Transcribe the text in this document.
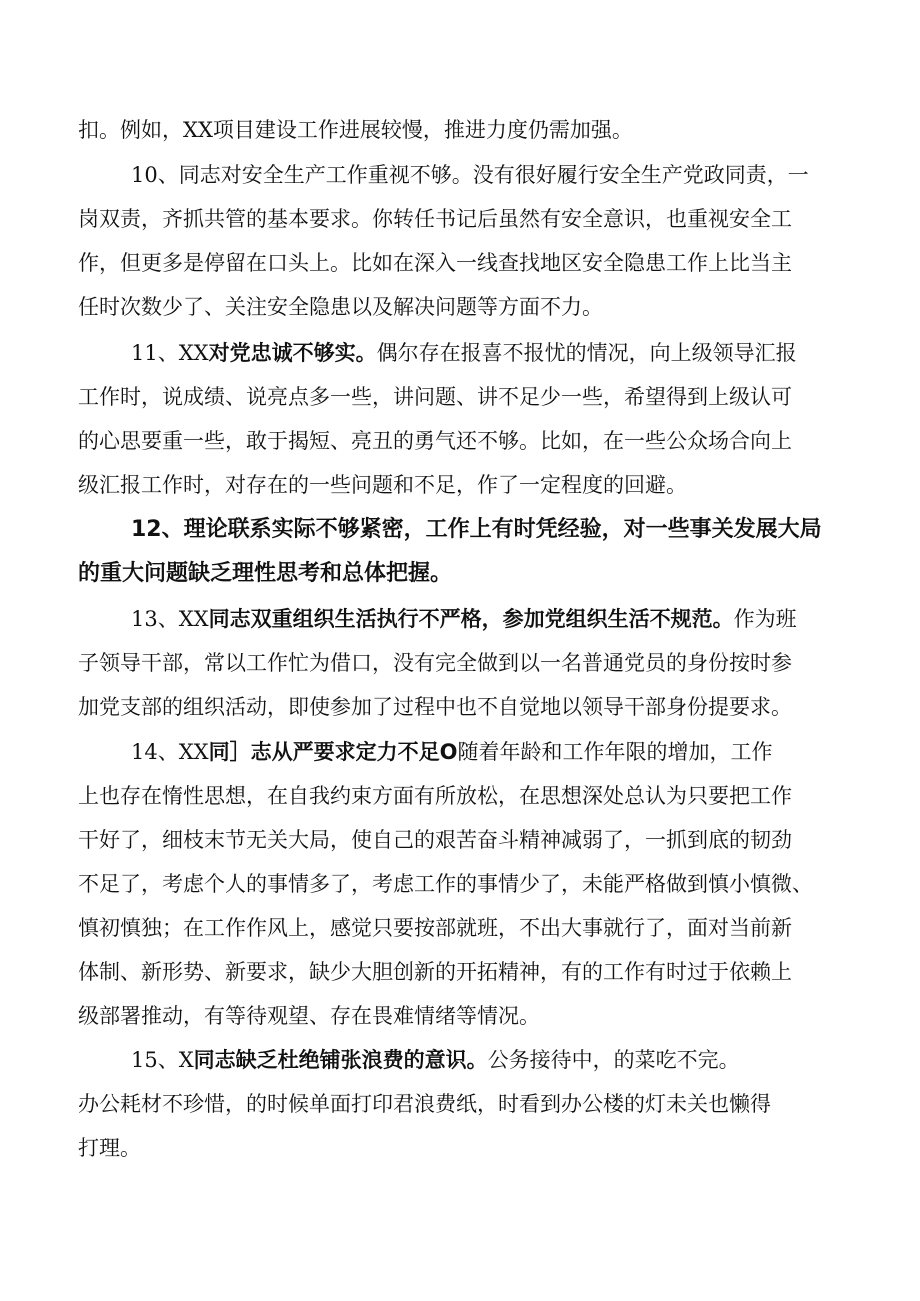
扣。例如，XX项目建设工作进展较慢，推进力度仍需加强。
10、同志对安全生产工作重视不够。没有很好履行安全生产党政同责，一
岗双责，齐抓共管的基本要求。你转任书记后虽然有安全意识，也重视安全工
作，但更多是停留在口头上。比如在深入一线查找地区安全隐患工作上比当主
任时次数少了、关注安全隐患以及解决问题等方面不力。
11、XX对党忠诚不够实。偶尔存在报喜不报忧的情况，向上级领导汇报
工作时，说成绩、说亮点多一些，讲问题、讲不足少一些，希望得到上级认可
的心思要重一些，敢于揭短、亮丑的勇气还不够。比如，在一些公众场合向上
级汇报工作时，对存在的一些问题和不足，作了一定程度的回避。
12、理论联系实际不够紧密，工作上有时凭经验，对一些事关发展大局
的重大问题缺乏理性思考和总体把握。
13、XX同志双重组织生活执行不严格，参加党组织生活不规范。作为班
子领导干部，常以工作忙为借口，没有完全做到以一名普通党员的身份按时参
加党支部的组织活动，即使参加了过程中也不自觉地以领导干部身份提要求。
14、XX同］志从严要求定力不足O随着年龄和工作年限的增加，工作
上也存在惰性思想，在自我约束方面有所放松，在思想深处总认为只要把工作
干好了，细枝末节无关大局，使自己的艰苦奋斗精神减弱了，一抓到底的韧劲
不足了，考虑个人的事情多了，考虑工作的事情少了，未能严格做到慎小慎微、
慎初慎独；在工作作风上，感觉只要按部就班，不出大事就行了，面对当前新
体制、新形势、新要求，缺少大胆创新的开拓精神，有的工作有时过于依赖上
级部署推动，有等待观望、存在畏难情绪等情况。
15、X同志缺乏杜绝铺张浪费的意识。公务接待中，的菜吃不完。
办公耗材不珍惜，的时候单面打印君浪费纸，时看到办公楼的灯未关也懒得
打理。
